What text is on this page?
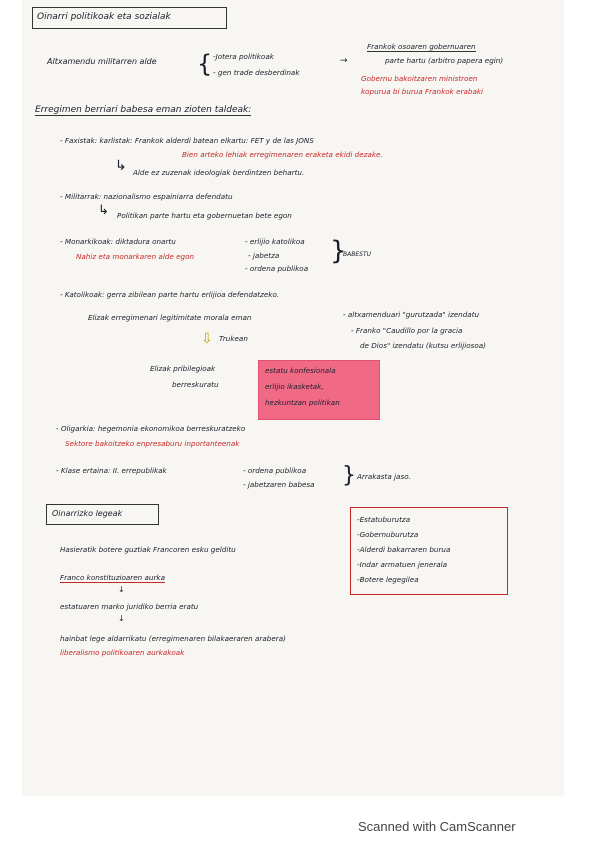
Oinarri politikoak eta sozialak
Altxamendu militarren alde { -Jotera politikoak
- gen trade desberdinak
→
Frankok osoaren gobernuaren
parte hartu (arbitro papera egin)
Gobernu bakoitzaren ministroen
kopurua bi burua Frankok erabaki
Erregimen berriari babesa eman zioten taldeak:
- Faxistak: karlistak: Frankok alderdi batean elkartu: FET y de las JONS
Bien arteko lehiak erregimenaren eraketa ekidi dezake.
↳ Alde ez zuzenak ideologiak berdintzen behartu.
- Militarrak: nazionalismo espainiarra defendatu
↳ Politikan parte hartu eta gobernuetan bete egon
- Monarkikoak: diktadura onartu
Nahiz eta monarkaren alde egon
- erlijio katolikoa
- jabetza
- ordena publikoa
}
BABESTU
- Katolikoak: gerra zibilean parte hartu erlijioa defendatzeko.
Elizak erregimenari legitimitate morala eman	- altxamenduari "gurutzada" izendatu
- Franko "Caudillo por la gracia
de Dios" izendatu (kutsu erlijiosoa)
⇩ Trukean
Elizak pribilegioak
berreskuratu
estatu konfesionala
erlijio ikasketak,
hezkuntzan politikan
- Oligarkia: hegemonia ekonomikoa berreskuratzeko
Sektore bakoitzeko enpresaburu inportanteenak
- Klase ertaina: II. errepublikak	- ordena publikoa
- jabetzaren babesa } Arrakasta jaso.
Oinarrizko legeak
Hasieratik botere guztiak Francoren esku gelditu
Franco konstituzioaren aurka
↓
estatuaren marko juridiko berria eratu
↓
hainbat lege aldarrikatu (erregimenaren bilakaeraren arabera)
liberalismo politikoaren aurkakoak
-Estatuburutza
-Gobernuburutza
-Alderdi bakarraren burua
-Indar armatuen jenerala
-Botere legegilea
Scanned with CamScanner
